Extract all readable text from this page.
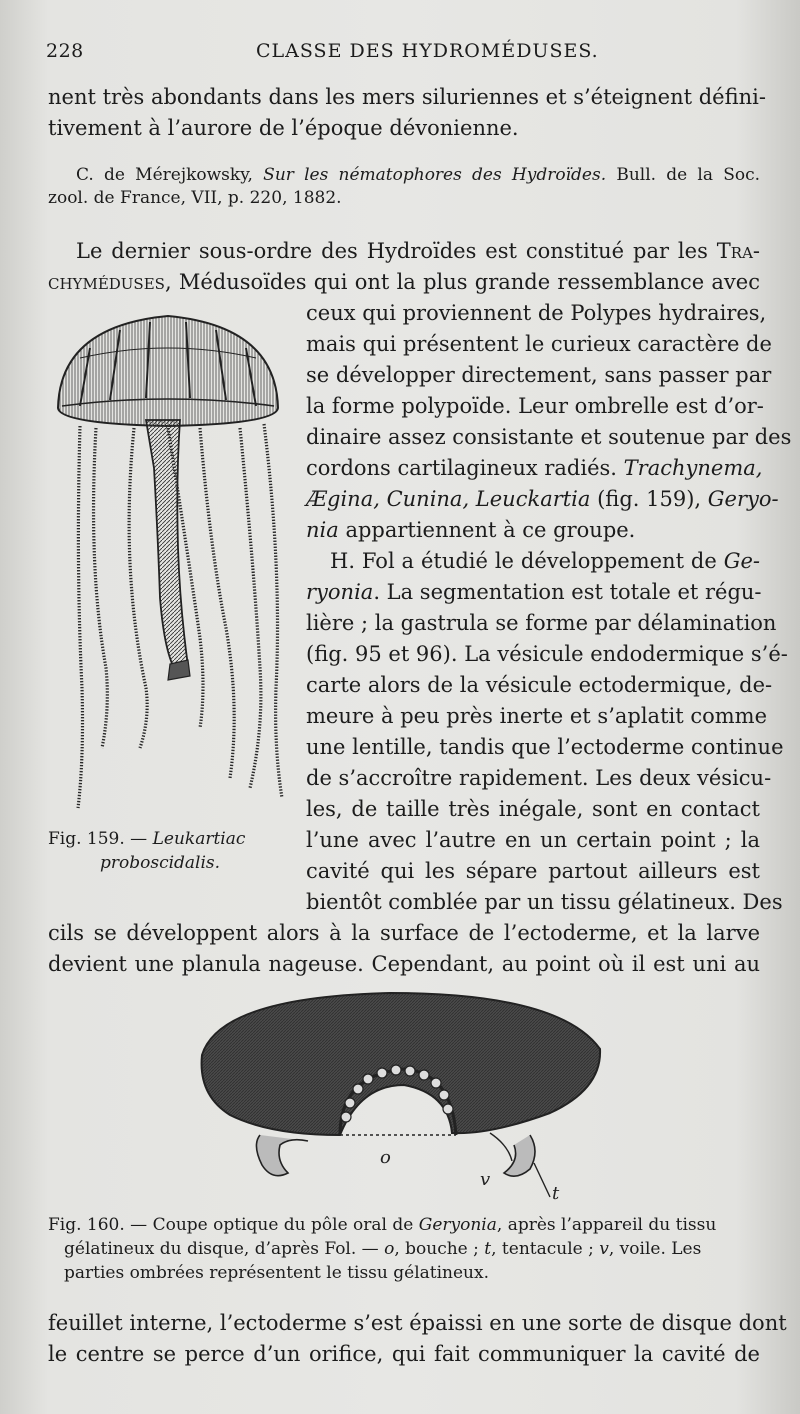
228	CLASSE DES HYDROMÉDUSES.
nent très abondants dans les mers siluriennes et s’éteignent défini-
tivement à l’aurore de l’époque dévonienne.
C. de Mérejkowsky, Sur les nématophores des Hydroïdes. Bull. de la Soc.
zool. de France, VII, p. 220, 1882.
Le dernier sous-ordre des Hydroïdes est constitué par les Tra-
chyméduses, Médusoïdes qui ont la plus grande ressemblance avec
ceux qui proviennent de Polypes hydraires,
mais qui présentent le curieux caractère de
se développer directement, sans passer par
la forme polypoïde. Leur ombrelle est d’or-
dinaire assez consistante et soutenue par des
cordons cartilagineux radiés. Trachynema,
Ægina, Cunina, Leuckartia (fig. 159), Geryo-
nia appartiennent à ce groupe.
H. Fol a étudié le développement de Ge-
ryonia. La segmentation est totale et régu-
lière ; la gastrula se forme par délamination
(fig. 95 et 96). La vésicule endodermique s’é-
carte alors de la vésicule ectodermique, de-
meure à peu près inerte et s’aplatit comme
une lentille, tandis que l’ectoderme continue
de s’accroître rapidement. Les deux vésicu-
les, de taille très inégale, sont en contact
l’une avec l’autre en un certain point ; la
cavité qui les sépare partout ailleurs est
bientôt comblée par un tissu gélatineux. Des
cils se développent alors à la surface de l’ectoderme, et la larve
devient une planula nageuse. Cependant, au point où il est uni au
Fig. 159. — Leukartiac
proboscidalis.
o
v
t
Fig. 160. — Coupe optique du pôle oral de Geryonia, après l’appareil du tissu
gélatineux du disque, d’après Fol. — o, bouche ; t, tentacule ; v, voile. Les
parties ombrées représentent le tissu gélatineux.
feuillet interne, l’ectoderme s’est épaissi en une sorte de disque dont
le centre se perce d’un orifice, qui fait communiquer la cavité de
